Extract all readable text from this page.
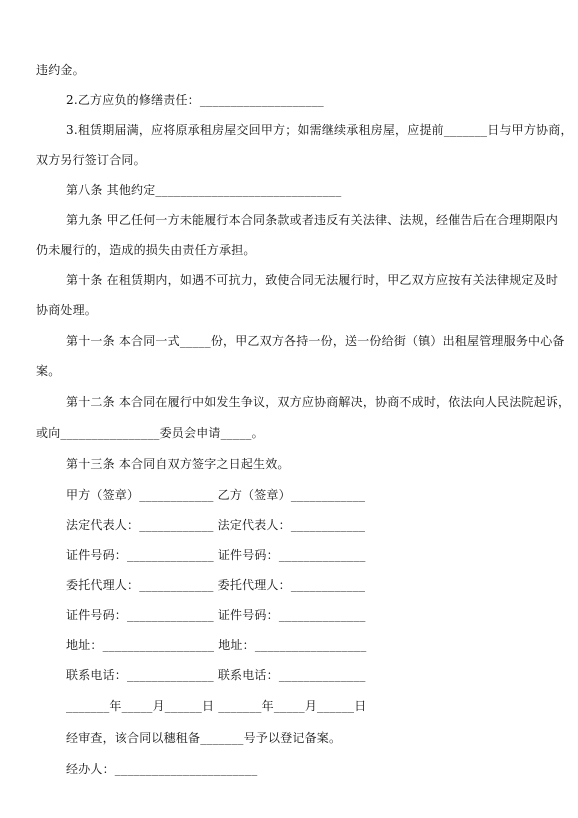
违约金。
2.乙方应负的修缮责任：____________________
3.租赁期届满，应将原承租房屋交回甲方；如需继续承租房屋，应提前_______日与甲方协商，
双方另行签订合同。
第八条 其他约定______________________________
第九条 甲乙任何一方未能履行本合同条款或者违反有关法律、法规，经催告后在合理期限内
仍未履行的，造成的损失由责任方承担。
第十条 在租赁期内，如遇不可抗力，致使合同无法履行时，甲乙双方应按有关法律规定及时
协商处理。
第十一条 本合同一式_____份，甲乙双方各持一份，送一份给街（镇）出租屋管理服务中心备
案。
第十二条 本合同在履行中如发生争议，双方应协商解决，协商不成时，依法向人民法院起诉，
或向________________委员会申请_____。
第十三条 本合同自双方签字之日起生效。
甲方（签章）____________ 乙方（签章）____________
法定代表人：____________ 法定代表人：____________
证件号码：______________ 证件号码：______________
委托代理人：____________ 委托代理人：____________
证件号码：______________ 证件号码：______________
地址：__________________ 地址：__________________
联系电话：______________ 联系电话：______________
_______年_____月______日 _______年_____月______日
经审查，该合同以穗租备_______号予以登记备案。
经办人：_______________________
